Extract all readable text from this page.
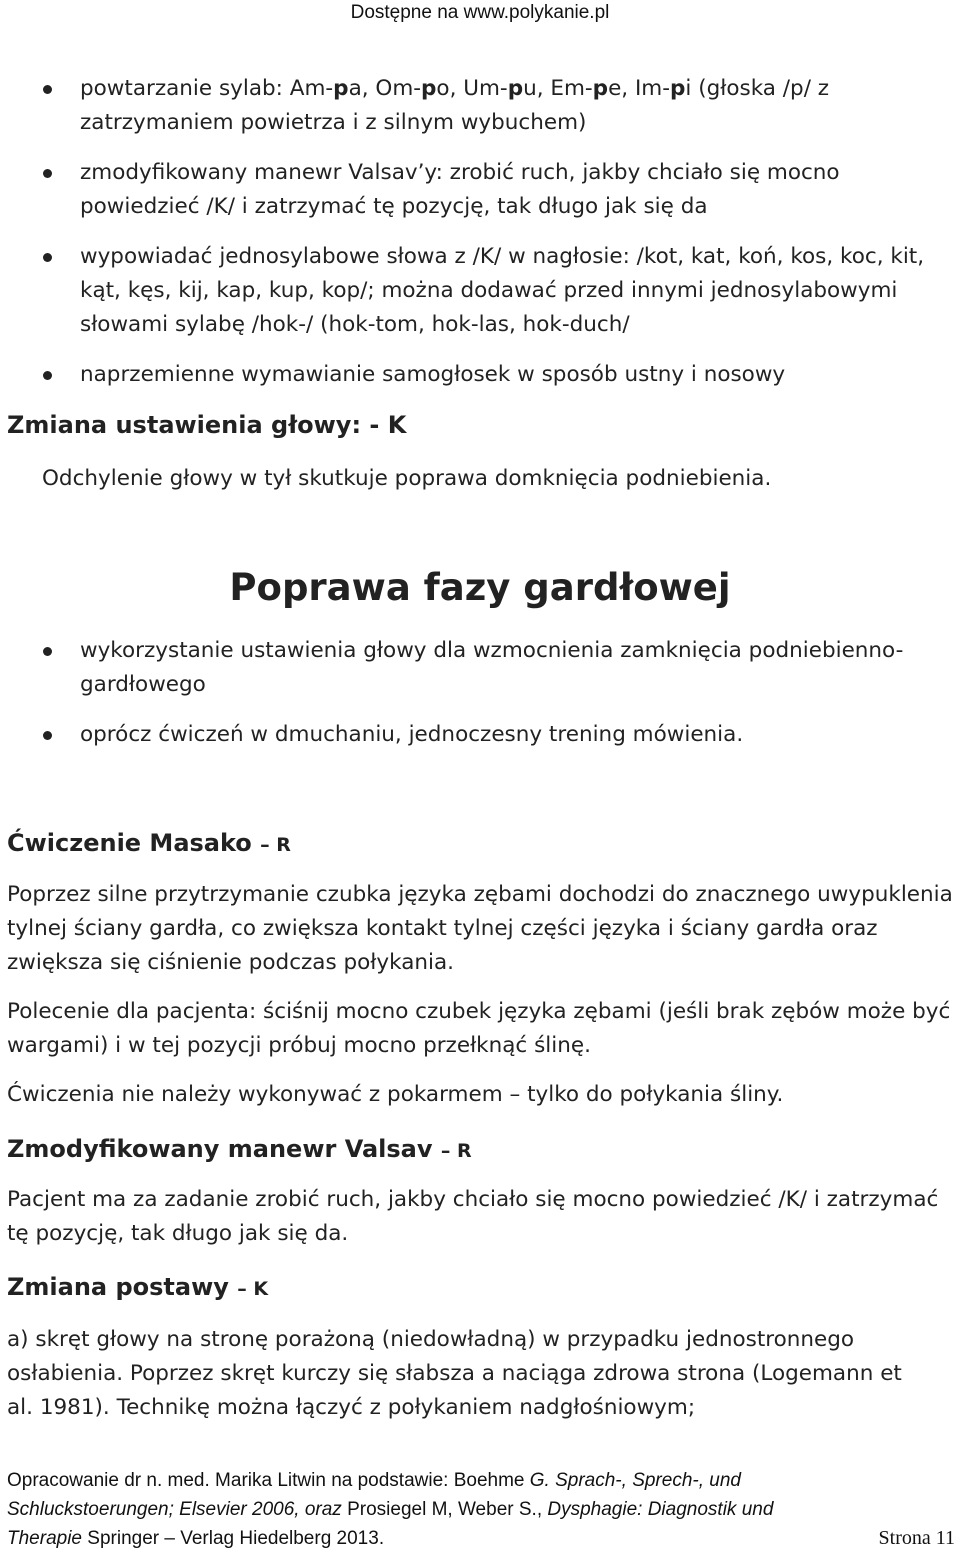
Dostępne na www.polykanie.pl
powtarzanie sylab: Am-pa, Om-po, Um-pu, Em-pe, Im-pi (głoska /p/ z zatrzymaniem powietrza i z silnym wybuchem)
zmodyfikowany manewr Valsav’y: zrobić ruch, jakby chciało się mocno powiedzieć /K/ i zatrzymać tę pozycję, tak długo jak się da
wypowiadać jednosylabowe słowa z /K/ w nagłosie: /kot, kat, koń, kos, koc, kit, kąt, kęs, kij, kap, kup, kop/; można dodawać przed innymi jednosylabowymi słowami sylabę /hok-/ (hok-tom, hok-las, hok-duch/
naprzemienne wymawianie samogłosek w sposób ustny i nosowy
Zmiana ustawienia głowy: - K

Odchylenie głowy w tył skutkuje poprawa domknięcia podniebienia.

Poprawa fazy gardłowej
wykorzystanie ustawienia głowy dla wzmocnienia zamknięcia podniebienno-gardłowego
oprócz ćwiczeń w dmuchaniu, jednoczesny trening mówienia.
Ćwiczenie Masako – R

Poprzez silne przytrzymanie czubka języka zębami dochodzi do znacznego uwypuklenia tylnej ściany gardła, co zwiększa kontakt tylnej części języka i ściany gardła oraz zwiększa się ciśnienie podczas połykania.

Polecenie dla pacjenta: ściśnij mocno czubek języka zębami (jeśli brak zębów może być wargami) i w tej pozycji próbuj mocno przełknąć ślinę.

Ćwiczenia nie należy wykonywać z pokarmem – tylko do połykania śliny.

Zmodyfikowany manewr Valsav – R

Pacjent ma za zadanie zrobić ruch, jakby chciało się mocno powiedzieć /K/ i zatrzymać tę pozycję, tak długo jak się da.

Zmiana postawy – K

a) skręt głowy na stronę porażoną (niedowładną) w przypadku jednostronnego osłabienia. Poprzez skręt kurczy się słabsza a naciąga zdrowa strona (Logemann et al. 1981). Technikę można łączyć z połykaniem nadgłośniowym;

Opracowanie dr n. med. Marika Litwin na podstawie: Boehme G. Sprach-, Sprech-, und
Schluckstoerungen; Elsevier 2006, oraz Prosiegel M, Weber S., Dysphagie: Diagnostik und
Therapie Springer – Verlag Hiedelberg 2013.	Strona 11
